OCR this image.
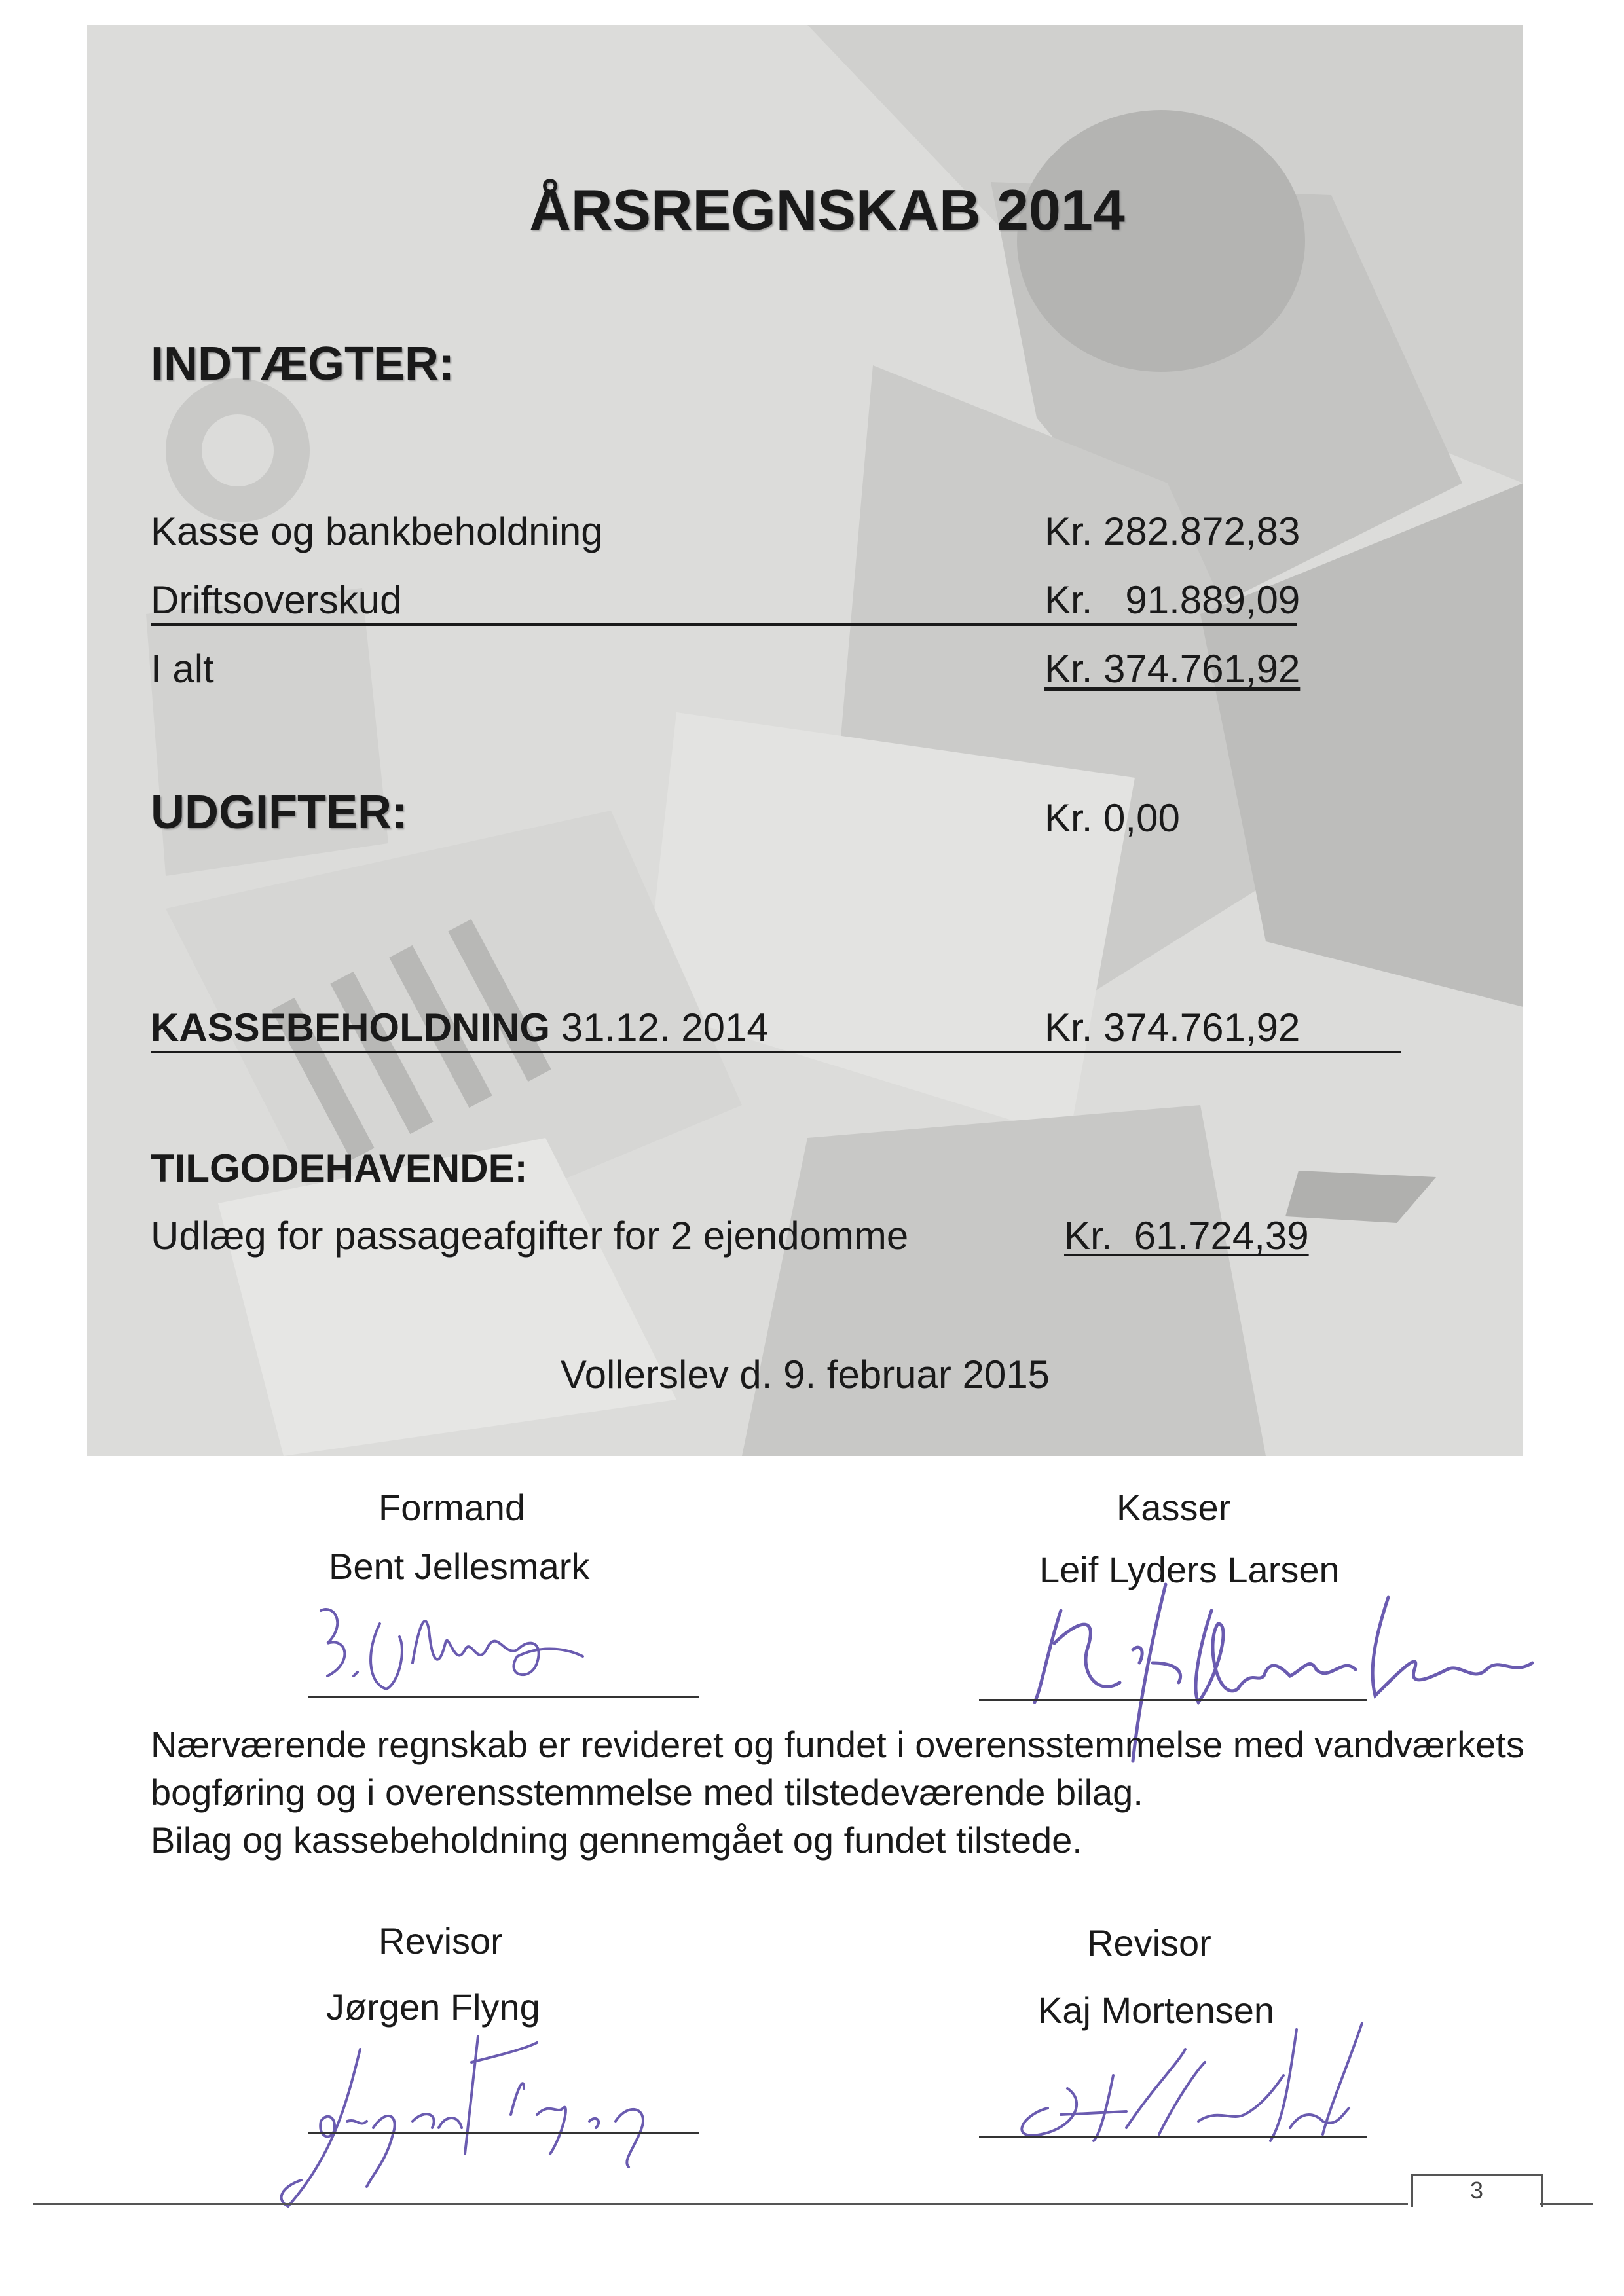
ÅRSREGNSKAB 2014
INDTÆGTER:
Kasse og bankbeholdning	Kr. 282.872,83
Driftsoverskud	Kr.   91.889,09
I alt	Kr. 374.761,92
UDGIFTER:	Kr. 0,00
KASSEBEHOLDNING 31.12. 2014	Kr. 374.761,92
TILGODEHAVENDE:
Udlæg for passageafgifter for 2 ejendomme	Kr.  61.724,39
Vollerslev d. 9. februar 2015
Formand
Bent Jellesmark
Kasser
Leif Lyders Larsen
Nærværende regnskab er revideret og fundet i overensstemmelse med vandværkets
bogføring og i overensstemmelse med tilstedeværende bilag.
Bilag og kassebeholdning gennemgået og fundet tilstede.
Revisor
Jørgen Flyng
Revisor
Kaj Mortensen
3
